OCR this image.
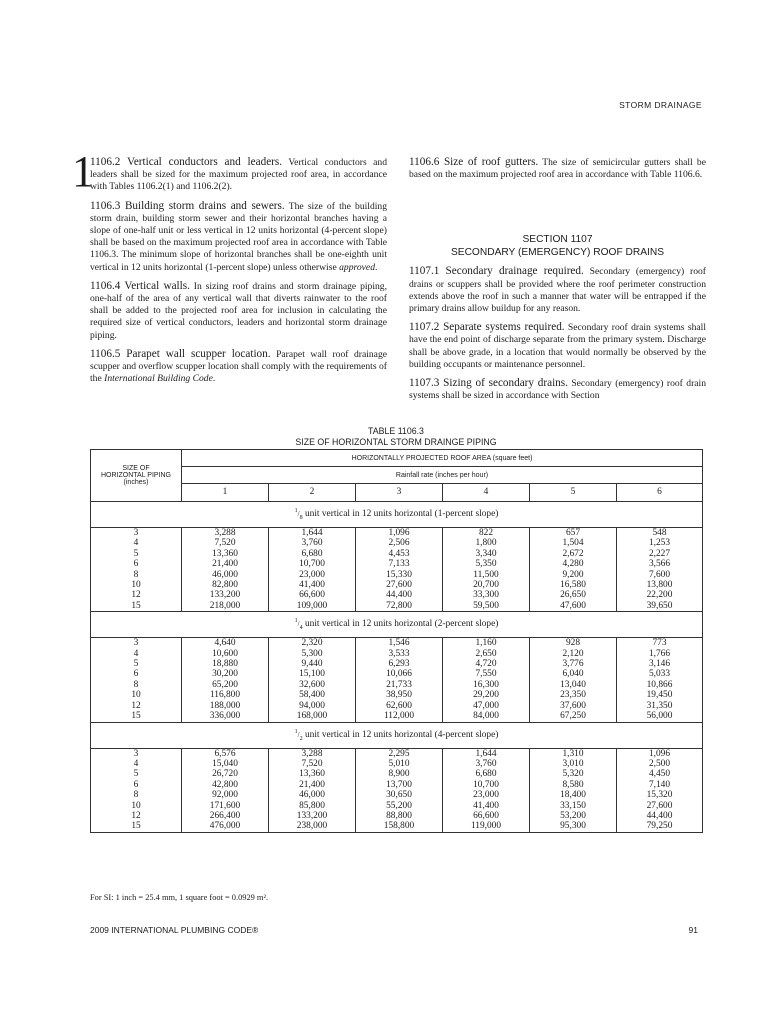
STORM DRAINAGE
1

1106.2 Vertical conductors and leaders. Vertical conductors and leaders shall be sized for the maximum projected roof area, in accordance with Tables 1106.2(1) and 1106.2(2).

1106.3 Building storm drains and sewers. The size of the building storm drain, building storm sewer and their horizontal branches having a slope of one-half unit or less vertical in 12 units horizontal (4-percent slope) shall be based on the maximum projected roof area in accordance with Table 1106.3. The minimum slope of horizontal branches shall be one-eighth unit vertical in 12 units horizontal (1-percent slope) unless otherwise approved.

1106.4 Vertical walls. In sizing roof drains and storm drainage piping, one-half of the area of any vertical wall that diverts rainwater to the roof shall be added to the projected roof area for inclusion in calculating the required size of vertical conductors, leaders and horizontal storm drainage piping.

1106.5 Parapet wall scupper location. Parapet wall roof drainage scupper and overflow scupper location shall comply with the requirements of the International Building Code.

1106.6 Size of roof gutters. The size of semicircular gutters shall be based on the maximum projected roof area in accordance with Table 1106.6.

SECTION 1107
SECONDARY (EMERGENCY) ROOF DRAINS

1107.1 Secondary drainage required. Secondary (emergency) roof drains or scuppers shall be provided where the roof perimeter construction extends above the roof in such a manner that water will be entrapped if the primary drains allow buildup for any reason.

1107.2 Separate systems required. Secondary roof drain systems shall have the end point of discharge separate from the primary system. Discharge shall be above grade, in a location that would normally be observed by the building occupants or maintenance personnel.

1107.3 Sizing of secondary drains. Secondary (emergency) roof drain systems shall be sized in accordance with Section

TABLE 1106.3
SIZE OF HORIZONTAL STORM DRAINGE PIPING
SIZE OF HORIZONTAL PIPING (inches)	HORIZONTALLY PROJECTED ROOF AREA (square feet)					
	Rainfall rate (inches per hour)					
	1	2	3	4	5	6
$^1/_8$ unit vertical in 12 units horizontal (1-percent slope)						
3	3,288	1,644	1,096	822	657	548
4	7,520	3,760	2,506	1,800	1,504	1,253
5	13,360	6,680	4,453	3,340	2,672	2,227
6	21,400	10,700	7,133	5,350	4,280	3,566
8	46,000	23,000	15,330	11,500	9,200	7,600
10	82,800	41,400	27,600	20,700	16,580	13,800
12	133,200	66,600	44,400	33,300	26,650	22,200
15	218,000	109,000	72,800	59,500	47,600	39,650
$^1/_4$ unit vertical in 12 units horizontal (2-percent slope)						
3	4,640	2,320	1,546	1,160	928	773
4	10,600	5,300	3,533	2,650	2,120	1,766
5	18,880	9,440	6,293	4,720	3,776	3,146
6	30,200	15,100	10,066	7,550	6,040	5,033
8	65,200	32,600	21,733	16,300	13,040	10,866
10	116,800	58,400	38,950	29,200	23,350	19,450
12	188,000	94,000	62,600	47,000	37,600	31,350
15	336,000	168,000	112,000	84,000	67,250	56,000
$^1/_2$ unit vertical in 12 units horizontal (4-percent slope)						
3	6,576	3,288	2,295	1,644	1,310	1,096
4	15,040	7,520	5,010	3,760	3,010	2,500
5	26,720	13,360	8,900	6,680	5,320	4,450
6	42,800	21,400	13,700	10,700	8,580	7,140
8	92,000	46,000	30,650	23,000	18,400	15,320
10	171,600	85,800	55,200	41,400	33,150	27,600
12	266,400	133,200	88,800	66,600	53,200	44,400
15	476,000	238,000	158,800	119,000	95,300	79,250
For SI: 1 inch = 25.4 mm, 1 square foot = 0.0929 m².
2009 INTERNATIONAL PLUMBING CODE®	91
